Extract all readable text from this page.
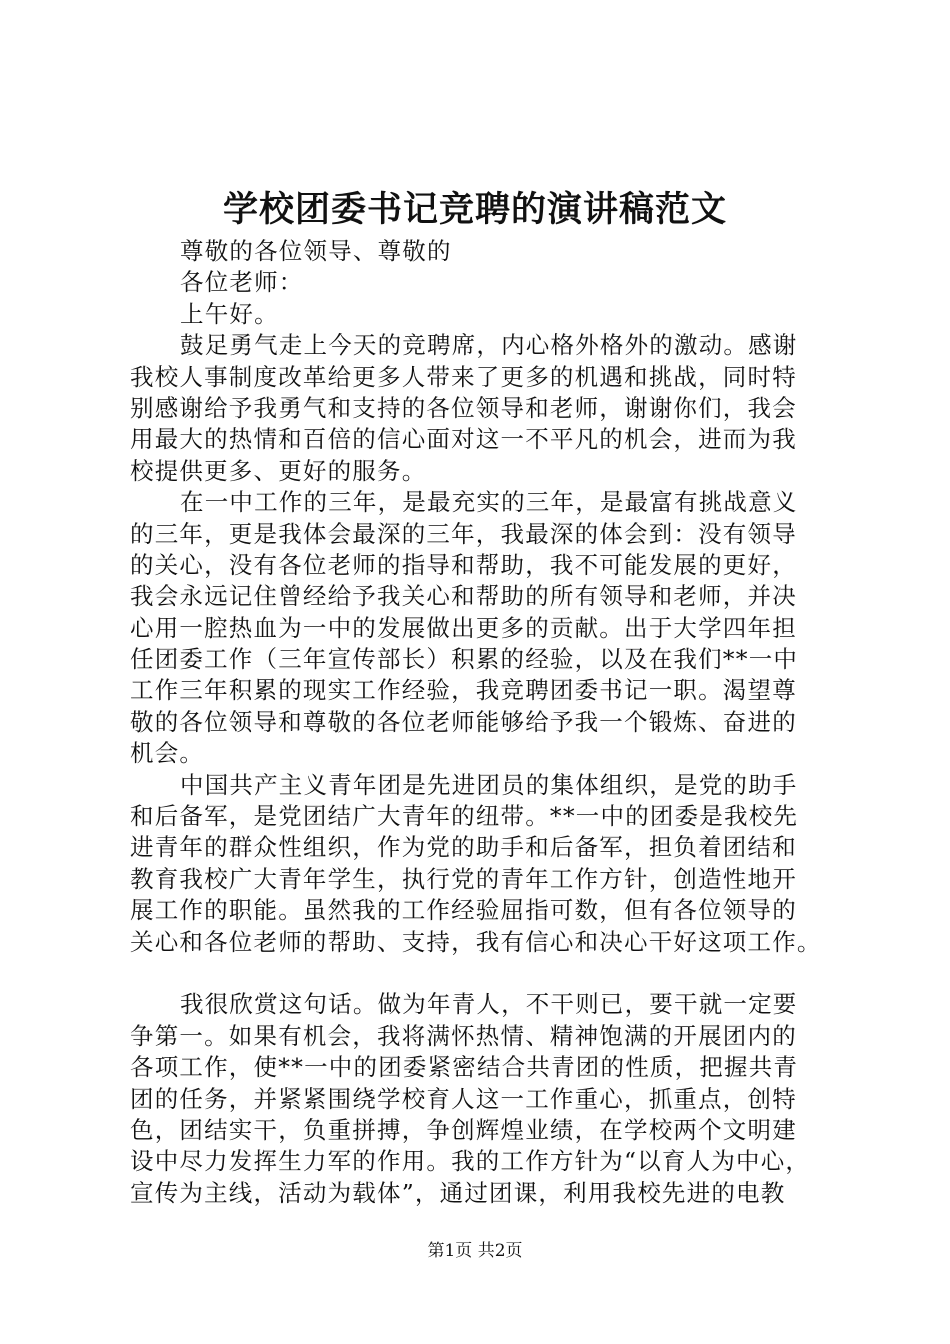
学校团委书记竞聘的演讲稿范文
尊敬的各位领导、尊敬的
各位老师：
上午好。
鼓足勇气走上今天的竞聘席，内心格外格外的激动。感谢
我校人事制度改革给更多人带来了更多的机遇和挑战，同时特
别感谢给予我勇气和支持的各位领导和老师，谢谢你们，我会
用最大的热情和百倍的信心面对这一不平凡的机会，进而为我
校提供更多、更好的服务。
在一中工作的三年，是最充实的三年，是最富有挑战意义
的三年，更是我体会最深的三年，我最深的体会到：没有领导
的关心，没有各位老师的指导和帮助，我不可能发展的更好，
我会永远记住曾经给予我关心和帮助的所有领导和老师，并决
心用一腔热血为一中的发展做出更多的贡献。出于大学四年担
任团委工作（三年宣传部长）积累的经验，以及在我们**一中
工作三年积累的现实工作经验，我竞聘团委书记一职。渴望尊
敬的各位领导和尊敬的各位老师能够给予我一个锻炼、奋进的
机会。
中国共产主义青年团是先进团员的集体组织，是党的助手
和后备军，是党团结广大青年的纽带。**一中的团委是我校先
进青年的群众性组织，作为党的助手和后备军，担负着团结和
教育我校广大青年学生，执行党的青年工作方针，创造性地开
展工作的职能。虽然我的工作经验屈指可数，但有各位领导的
关心和各位老师的帮助、支持，我有信心和决心干好这项工作。
我很欣赏这句话。做为年青人，不干则已，要干就一定要
争第一。如果有机会，我将满怀热情、精神饱满的开展团内的
各项工作，使**一中的团委紧密结合共青团的性质，把握共青
团的任务，并紧紧围绕学校育人这一工作重心，抓重点，创特
色，团结实干，负重拼搏，争创辉煌业绩，在学校两个文明建
设中尽力发挥生力军的作用。我的工作方针为“以育人为中心，
宣传为主线，活动为载体”，通过团课，利用我校先进的电教
第1页 共2页
